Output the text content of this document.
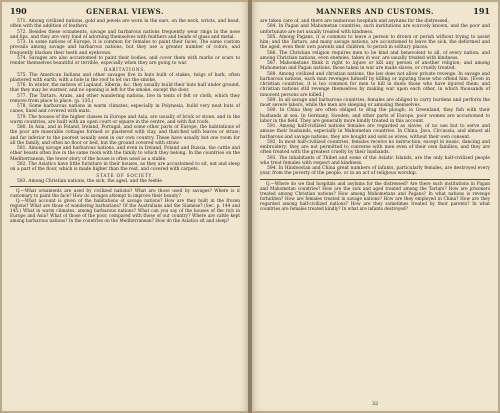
190	GENERAL VIEWS.

571. Among civilized nations, gold and jewels are worn in the ears, on the neck, wrists, and head, often with the addition of feathers.

572. Besides these ornaments, savage and barbarous nations frequently wear rings in the nose and lips, and they are very fond of adorning themselves with feathers and beads of glass and metal.

573. In some nations of Europe, it is common for females to paint their faces. The same custom prevails among savage and barbarous nations, but they use a greater number of colors, and frequently blacken their teeth and eyebrows.

574. Savages are also accustomed to paint their bodies, and cover them with marks or scars to render themselves beautiful or terrible, especially when they are going to war.

HABITATIONS.

575. The American Indians and other savages live in huts built of stakes, twigs of bark, often plastered with earth, with a hole in the roof to let out the smoke.

576. In winter, the natives of Lapland, Siberia, &c. they usually build their huts half under ground, that they may be warmer, and no opening is left for the smoke, except the door.

577. The Tartars, Arabs, and other wandering nations, live in tents of felt or cloth, which they remove from place to place. (p. 135.)

578. Some barbarous nations in warm climates, especially in Polynesia, build very neat huts of canes, lined and covered with mats.

579. The houses of the higher classes in Europe and Asia, are usually of brick or stone, and in the warm countries, are built with an open court or square in the centre, and with flat roofs.

580. In Asia, and in Poland, Ireland, Portugal, and some other parts of Europe, the habitations of the poor are miserable cottages formed or plastered with clay, and thatched with leaves or straw; and far inferior to the poorest usually seen in our own country. These have usually but one room for all the family, and often no floor or bed, but the ground covered with straw.

581. Among savage and barbarous nations, and even in Ireland, Poland and Russia, the cattle and other beasts often live in the same room with the family to which they belong. In the countries on the Mediterranean, the lower story of the house is often used as a stable.

582. The Asiatics have little furniture in their houses, as they are accustomed to sit, eat and sleep on a part of the floor, which is made higher than the rest, and covered with carpets.

STATE OF SOCIETY.

583. Among Christian nations, the sick, the aged, and the feeble

Q.—What ornaments are used by civilized nations? What are those used by savages? Where is it customary to paint the face? How do savages attempt to improve their beauty?

Q.—What account is given of the habitations of savage nations? How are they built in the frozen regions? What are those of wandering barbarians? Of the Australians and the Siamese? (Sec. p. 144 and 145.) What in warm climates, among barbarous nations? What can you say of the houses of the rich in Europe and Asia? What of those of the poor, compared with those of our country? Where are cattle kept among barbarous nations? In the countries on the Mediterranean? How do the Asiatics sit and sleep?

MANNERS AND CUSTOMS.	191

are taken care of, and there are numerous hospitals and asylums for the distressed.

584. In Pagan and Mahometan countries, such institutions are scarcely known, and the poor and unfortunate are not usually treated with kindness.

585. Among Pagans, it is common to leave a person to drown or perish without trying to assist him; and the Tartars, and many savage nations, are accustomed to leave the sick, the deformed and the aged, even their own parents and children, to perish in solitary places.

586. The Christian religion requires men to be kind and benevolent to all, of every nation; and among Christian nations, even enemies, taken in war, are usually treated with kindness.

587. Mahometans think it right to injure or kill any person of another religion; and among Mahometan and Pagan nations, those taken in war are made slaves, or cruelly treated.

588. Among civilized and christian nations, the law does not allow private revenge. In savage and barbarous nations, each man revenges himself by killing or injuring those who offend him. [Even in christian countries, it is too common for men to kill in duels those who have injured them; and christian nations still revenge themselves by making war upon each other, in which thousands of innocent persons are killed.]

589. In all savage and barbarous countries, females are obliged to carry burdens and perform the most severe labors, while the men are sleeping or amusing themselves.

590. In China they are often obliged to drag the plough; in Greenland, they fish with their husbands at sea. In Germany, Sweden, and other parts of Europe, poor women are accustomed to labor in the field. They are generally more kindly treated in this account.

591. Among half-civilized nations females are regarded as slaves, of no use but to serve and amuse their husbands, especially in Mahometan countries. In China, Java, Circassia, and almost all barbarous and savage nations, they are bought and sold as wives, without their own consent.

592. In most half-civilized countries, females receive no instruction, except in music, dancing and embroidery; they are not permitted to converse with men even of their own families; and they are often treated with the greatest cruelty by their husbands.

593. The inhabitants of Thibet and some of the Asiatic Islands, are the only half-civilized people who treat females with respect and kindness.

594. In Hindoostan and China great numbers of infants, particularly females, are destroyed every year, from the poverty of the people, or in an act of religious worship.

Q.—Where do we find hospitals and asylums for the distressed? Are there such institutions in Pagan and Mahometan countries? How are the sick and aged treated among the Tartars? How are prisoners treated among Christian nations? How among Mahometans and Pagans? In what nations is revenge forbidden? How are females treated in savage nations? How are they employed in China? How are they regarded among half-civilized nations? How are they sometimes treated by their parents? In what countries are females treated kindly? In what are infants destroyed?

32
